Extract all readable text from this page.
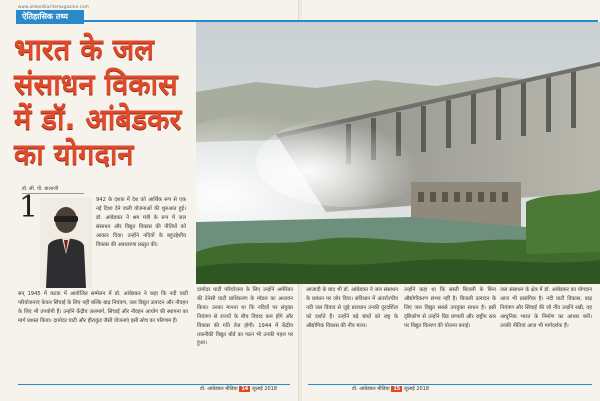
www.ambedkaritemagazine.com
ऐतिहासिक तथ्य
भारत के जल
संसाधन विकास
में डॉ. आंबेडकर
का योगदान
डॉ. सी. पी. बालाजी
1	942 के दशक में देश को आर्थिक रूप से एक नई दिशा देने वाली योजनाओं की शुरुआत हुई। डॉ. आंबेडकर ने श्रम मंत्री के रूप में जल संसाधन और विद्युत विकास की नीतियों को आकार दिया। उन्होंने नदियों के बहुउद्देशीय विकास की अवधारणा प्रस्तुत की।
सन् 1945 में कटक में आयोजित सम्मेलन में डॉ. आंबेडकर ने कहा कि नदी घाटी परियोजनाएं केवल सिंचाई के लिए नहीं बल्कि बाढ़ नियंत्रण, जल विद्युत उत्पादन और नौवहन के लिए भी उपयोगी हैं। उन्होंने केंद्रीय जलमार्ग, सिंचाई और नौवहन आयोग की स्थापना का मार्ग प्रशस्त किया। दामोदर घाटी और हीराकुंड जैसी योजनाएं इसी सोच का परिणाम हैं।
दामोदर घाटी परियोजना के लिए उन्होंने अमेरिका की टेनेसी घाटी प्राधिकरण के मॉडल का अध्ययन किया। उनका मानना था कि नदियों पर संयुक्त नियंत्रण से राज्यों के बीच विवाद कम होंगे और विकास की गति तेज होगी। 1944 में केंद्रीय तकनीकी विद्युत बोर्ड का गठन भी उनकी पहल पर हुआ।
आजादी के बाद भी डॉ. आंबेडकर ने जल संसाधन के प्रबंधन पर जोर दिया। संविधान में अंतर्राज्यीय नदी जल विवाद से जुड़े प्रावधान उनकी दूरदर्शिता को दर्शाते हैं। उन्होंने बड़े बांधों को राष्ट्र के औद्योगिक विकास की नींव माना।
उन्होंने कहा था कि सस्ती बिजली के बिना औद्योगीकरण संभव नहीं है। बिजली उत्पादन के लिए जल विद्युत सबसे उपयुक्त साधन है। इसी दृष्टिकोण से उन्होंने ग्रिड प्रणाली और राष्ट्रीय स्तर पर विद्युत वितरण की योजना बनाई।
जल संसाधन के क्षेत्र में डॉ. आंबेडकर का योगदान आज भी प्रासंगिक है। नदी घाटी विकास, बाढ़ नियंत्रण और सिंचाई की जो नींव उन्होंने रखी, वह आधुनिक भारत के निर्माण का आधार बनी। उनकी नीतियां आज भी मार्गदर्शक हैं।
डॉ. आंबेडकर मीडिया 14 जुलाई 2018	डॉ. आंबेडकर मीडिया 15 जुलाई 2018
